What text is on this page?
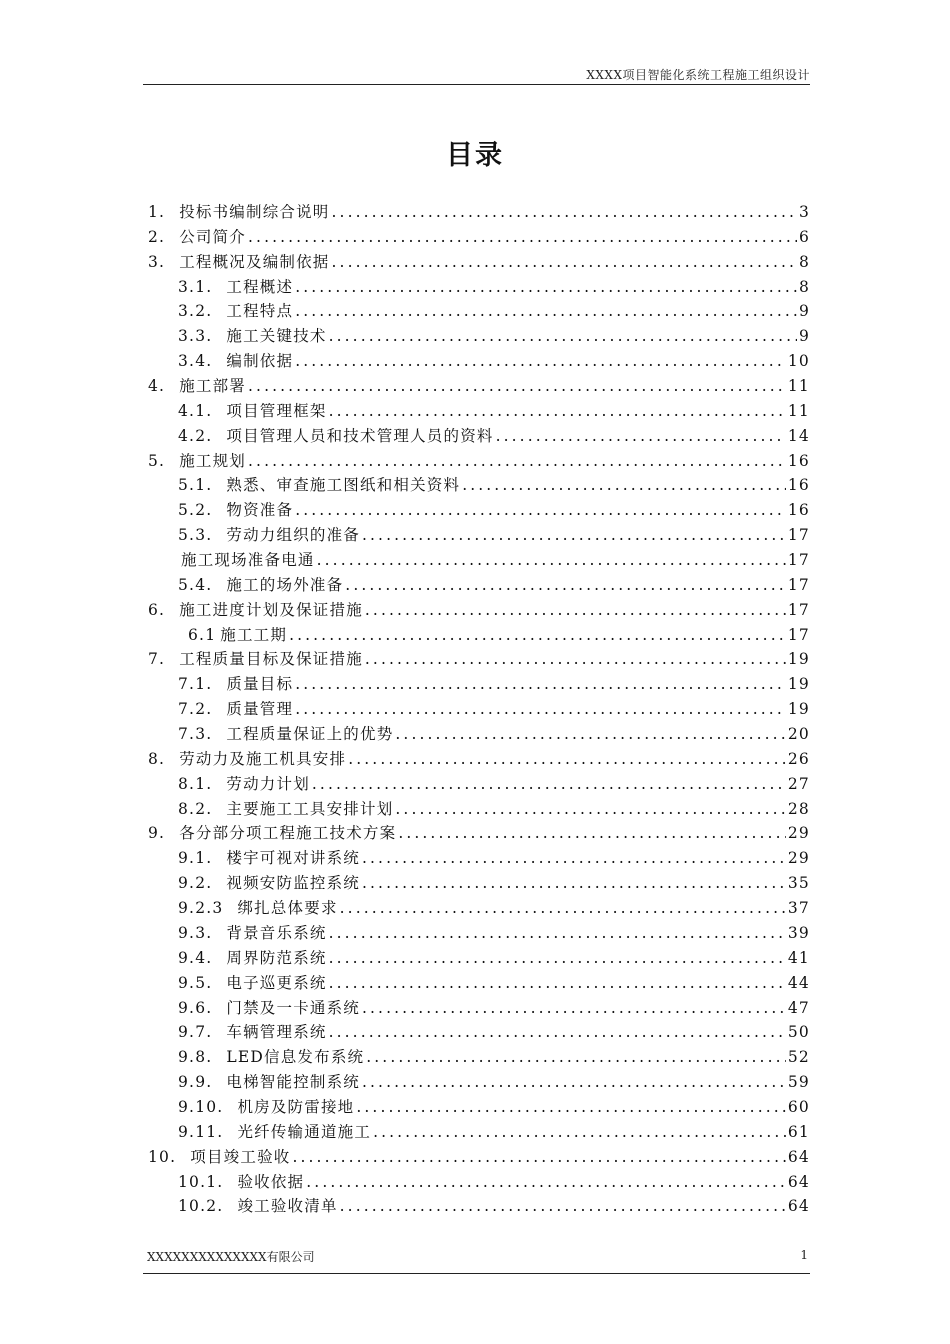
XXXX项目智能化系统工程施工组织设计
目录
1. 投标书编制综合说明 .....	3
2. 公司简介 .....	6
3. 工程概况及编制依据 .....	8
3.1. 工程概述 .....	8
3.2. 工程特点 .....	9
3.3. 施工关键技术 .....	9
3.4. 编制依据 .....	10
4. 施工部署 .....	11
4.1. 项目管理框架 .....	11
4.2. 项目管理人员和技术管理人员的资料 .....	14
5. 施工规划 .....	16
5.1. 熟悉、审查施工图纸和相关资料 .....	16
5.2. 物资准备 .....	16
5.3. 劳动力组织的准备 .....	17
施工现场准备电通 .....	17
5.4. 施工的场外准备 .....	17
6. 施工进度计划及保证措施 .....	17
6.1 施工工期 .....	17
7. 工程质量目标及保证措施 .....	19
7.1. 质量目标 .....	19
7.2. 质量管理 .....	19
7.3. 工程质量保证上的优势 .....	20
8. 劳动力及施工机具安排 .....	26
8.1. 劳动力计划 .....	27
8.2. 主要施工工具安排计划 .....	28
9. 各分部分项工程施工技术方案 .....	29
9.1. 楼宇可视对讲系统 .....	29
9.2. 视频安防监控系统 .....	35
9.2.3 绑扎总体要求 .....	37
9.3. 背景音乐系统 .....	39
9.4. 周界防范系统 .....	41
9.5. 电子巡更系统 .....	44
9.6. 门禁及一卡通系统 .....	47
9.7. 车辆管理系统 .....	50
9.8. LED信息发布系统 .....	52
9.9. 电梯智能控制系统 .....	59
9.10. 机房及防雷接地 .....	60
9.11. 光纤传输通道施工 .....	61
10. 项目竣工验收 .....	64
10.1. 验收依据 .....	64
10.2. 竣工验收清单 .....	64
XXXXXXXXXXXXXX有限公司	1
